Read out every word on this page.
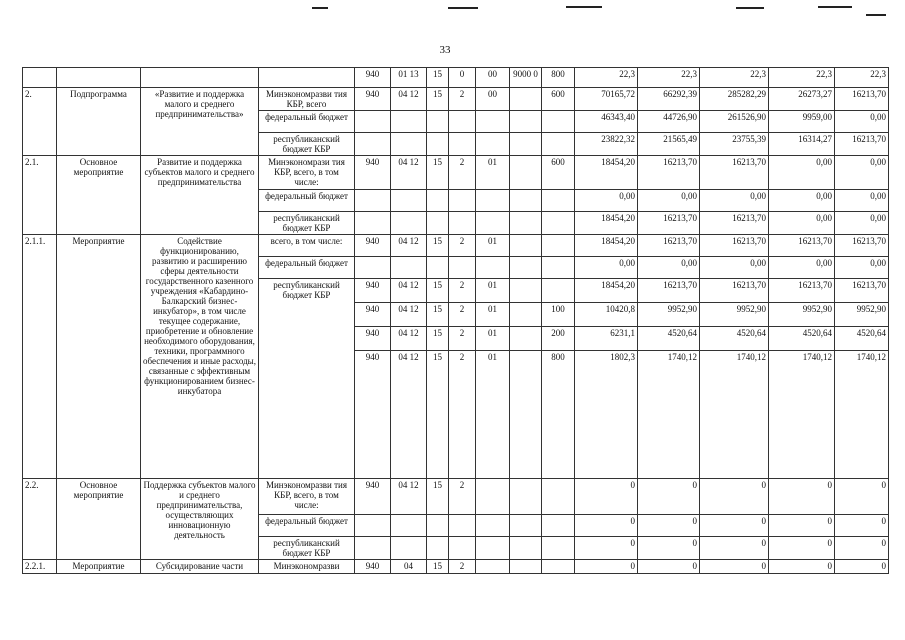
33
				940	01 13	15	0	00	9000 0	800	22,3	22,3	22,3	22,3	22,3
2.	Подпрограмма	«Развитие и поддержка малого и среднего предпринимательства»	Минэкономразви тия КБР, всего	940	04 12	15	2	00		600	70165,72	66292,39	285282,29	26273,27	16213,70
			федеральный бюджет								46343,40	44726,90	261526,90	9959,00	0,00
			республиканский бюджет КБР								23822,32	21565,49	23755,39	16314,27	16213,70
2.1.	Основное мероприятие	Развитие и поддержка субъектов малого и среднего предпринимательства	Минэкономрази тия КБР, всего, в том числе:	940	04 12	15	2	01		600	18454,20	16213,70	16213,70	0,00	0,00
			федеральный бюджет								0,00	0,00	0,00	0,00	0,00
			республиканский бюджет КБР								18454,20	16213,70	16213,70	0,00	0,00
2.1.1.	Мероприятие	Содействие функционированию, развитию и расширению сферы деятельности государственного казенного учреждения «Кабардино-Балкарский бизнес-инкубатор», в том числе текущее содержание, приобретение и обновление необходимого оборудования, техники, программного обеспечения и иные расходы, связанные с эффективным функционированием бизнес-инкубатора	всего, в том числе:	940	04 12	15	2	01			18454,20	16213,70	16213,70	16213,70	16213,70
			федеральный бюджет								0,00	0,00	0,00	0,00	0,00
			республиканский бюджет КБР	940	04 12	15	2	01			18454,20	16213,70	16213,70	16213,70	16213,70
				940	04 12	15	2	01		100	10420,8	9952,90	9952,90	9952,90	9952,90
				940	04 12	15	2	01		200	6231,1	4520,64	4520,64	4520,64	4520,64
				940	04 12	15	2	01		800	1802,3	1740,12	1740,12	1740,12	1740,12
2.2.	Основное мероприятие	Поддержка субъектов малого и среднего предпринимательства, осуществляющих инновационную деятельность	Минэкономразви тия КБР, всего, в том числе:	940	04 12	15	2				0	0	0	0	0
			федеральный бюджет								0	0	0	0	0
			республиканский бюджет КБР								0	0	0	0	0
2.2.1.	Мероприятие	Субсидирование части	Минэкономразви	940	04	15	2				0	0	0	0	0
